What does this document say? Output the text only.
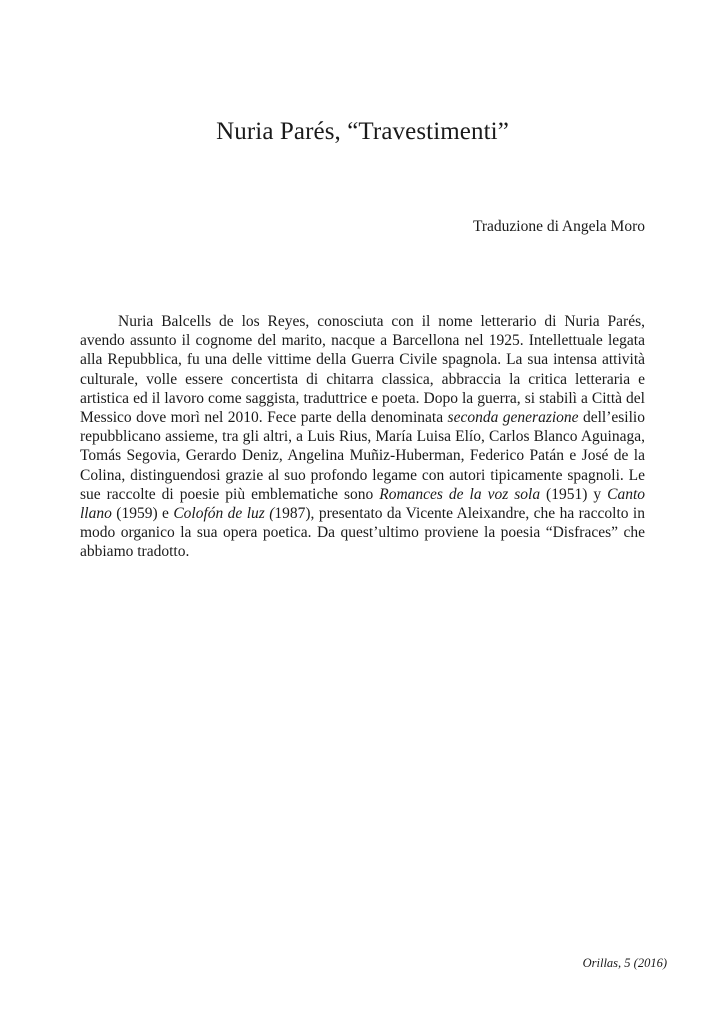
Nuria Parés, “Travestimenti”

Traduzione di Angela Moro

Nuria Balcells de los Reyes, conosciuta con il nome letterario di Nuria Parés, avendo assunto il cognome del marito, nacque a Barcellona nel 1925. Intellettuale legata alla Repubblica, fu una delle vittime della Guerra Civile spagnola. La sua intensa attività culturale, volle essere concertista di chitarra classica, abbraccia la critica letteraria e artistica ed il lavoro come saggista, traduttrice e poeta. Dopo la guerra, si stabilì a Città del Messico dove morì nel 2010. Fece parte della denominata seconda generazione dell’esilio repubblicano assieme, tra gli altri, a Luis Rius, María Luisa Elío, Carlos Blanco Aguinaga, Tomás Segovia, Gerardo Deniz, Angelina Muñiz-Huberman, Federico Patán e José de la Colina, distinguendosi grazie al suo profondo legame con autori tipicamente spagnoli. Le sue raccolte di poesie più emblematiche sono Romances de la voz sola (1951) y Canto llano (1959) e Colofón de luz (1987), presentato da Vicente Aleixandre, che ha raccolto in modo organico la sua opera poetica. Da quest’ultimo proviene la poesia “Disfraces” che abbiamo tradotto.

Orillas, 5 (2016)
